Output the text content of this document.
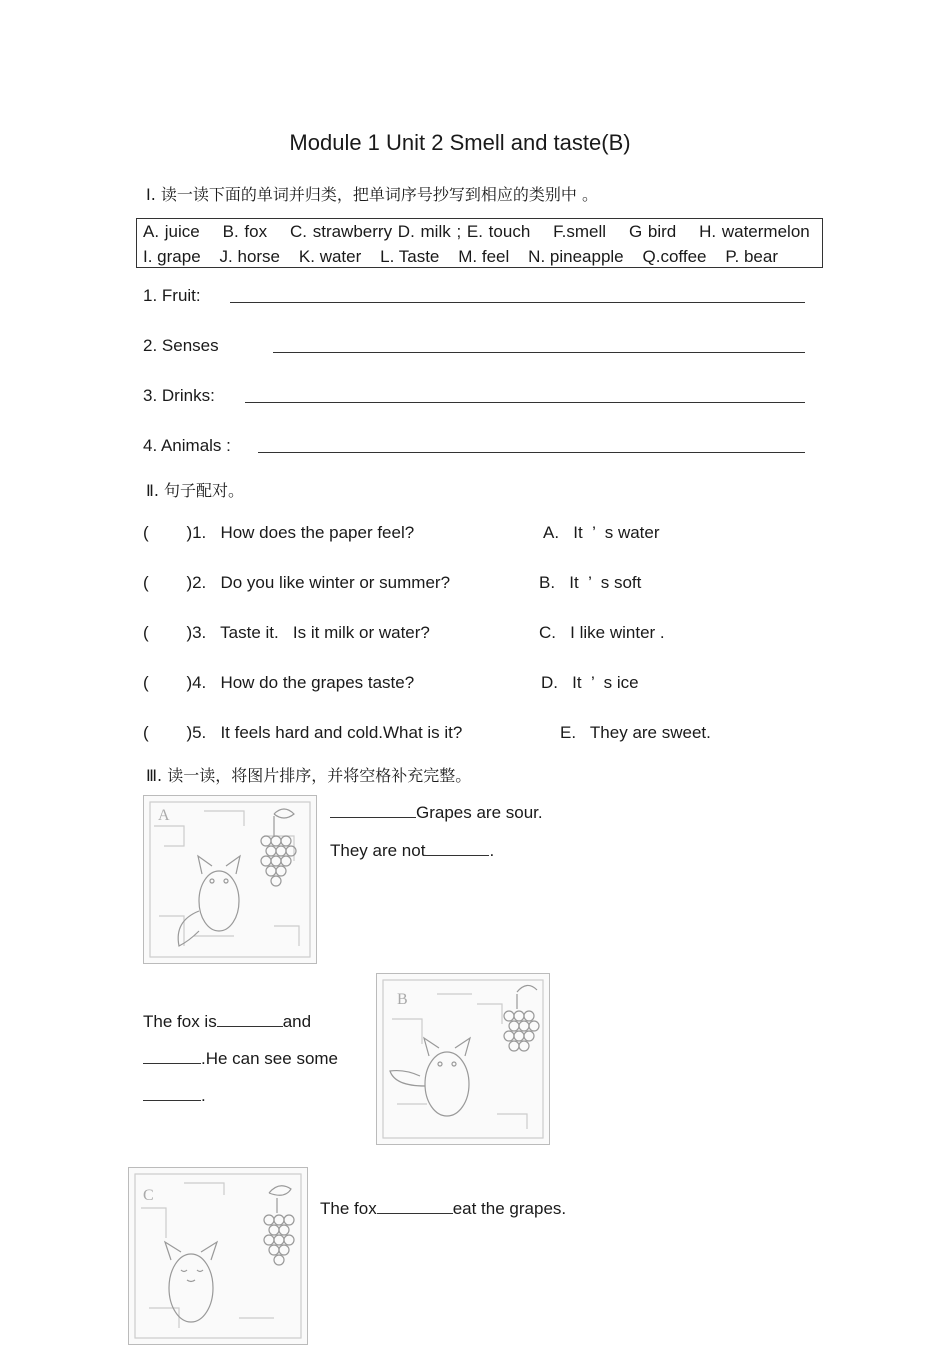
Module 1 Unit 2 Smell and taste(B)
Ⅰ. 读一读下面的单词并归类，把单词序号抄写到相应的类别中 。
A. juice    B. fox    C. strawberry D. milk ; E. touch    F.smell    G bird    H. watermelon
I. grape    J. horse    K. water    L. Taste    M. feel    N. pineapple    Q.coffee    P. bear
1. Fruit:
2. Senses
3. Drinks:
4. Animals :
Ⅱ. 句子配对。
(        )1.   How does the paper feel?	A.   It  ’  s water
(        )2.   Do you like winter or summer?	B.   It  ’  s soft
(        )3.   Taste it.   Is it milk or water?	C.   I like winter .
(        )4.   How do the grapes taste?	D.   It  ’  s ice
(        )5.   It feels hard and cold.What is it?	E.   They are sweet.
Ⅲ. 读一读，将图片排序，并将空格补充完整。
A	Grapes are sour.
They are not	.
B
The fox is	and
.He can see some
.
C
The fox	eat the grapes.
